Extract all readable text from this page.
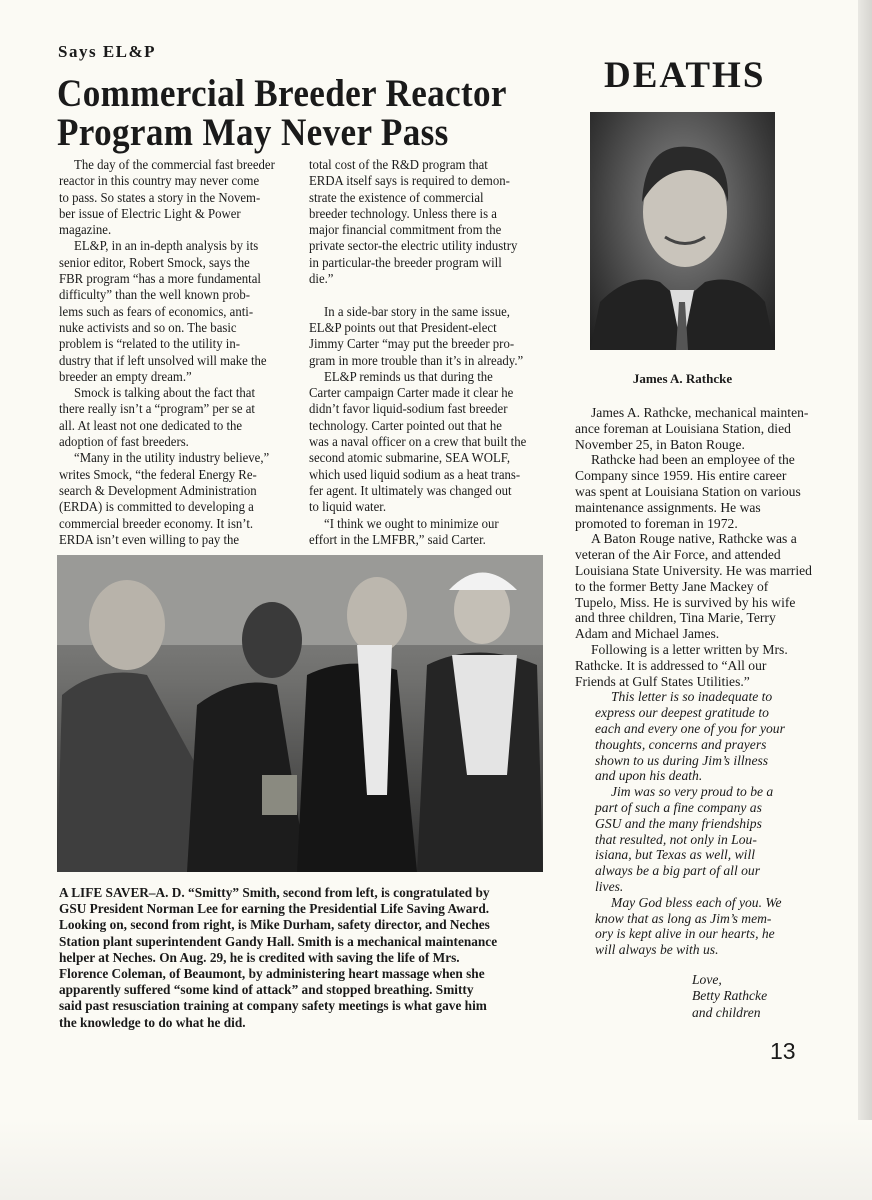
Says EL&P
Commercial Breeder Reactor
Program May Never Pass
The day of the commercial fast breeder
reactor in this country may never come
to pass. So states a story in the Novem-
ber issue of Electric Light & Power
magazine.
EL&P, in an in-depth analysis by its
senior editor, Robert Smock, says the
FBR program “has a more fundamental
difficulty” than the well known prob-
lems such as fears of economics, anti-
nuke activists and so on. The basic
problem is “related to the utility in-
dustry that if left unsolved will make the
breeder an empty dream.”
Smock is talking about the fact that
there really isn’t a “program” per se at
all. At least not one dedicated to the
adoption of fast breeders.
“Many in the utility industry believe,”
writes Smock, “the federal Energy Re-
search & Development Administration
(ERDA) is committed to developing a
commercial breeder economy. It isn’t.
ERDA isn’t even willing to pay the
total cost of the R&D program that
ERDA itself says is required to demon-
strate the existence of commercial
breeder technology. Unless there is a
major financial commitment from the
private sector-the electric utility industry
in particular-the breeder program will
die.”
In a side-bar story in the same issue,
EL&P points out that President-elect
Jimmy Carter “may put the breeder pro-
gram in more trouble than it’s in already.”
EL&P reminds us that during the
Carter campaign Carter made it clear he
didn’t favor liquid-sodium fast breeder
technology. Carter pointed out that he
was a naval officer on a crew that built the
second atomic submarine, SEA WOLF,
which used liquid sodium as a heat trans-
fer agent. It ultimately was changed out
to liquid water.
“I think we ought to minimize our
effort in the LMFBR,” said Carter.
DEATHS
James A. Rathcke
James A. Rathcke, mechanical mainten-
ance foreman at Louisiana Station, died
November 25, in Baton Rouge.
Rathcke had been an employee of the
Company since 1959. His entire career
was spent at Louisiana Station on various
maintenance assignments. He was
promoted to foreman in 1972.
A Baton Rouge native, Rathcke was a
veteran of the Air Force, and attended
Louisiana State University. He was married
to the former Betty Jane Mackey of
Tupelo, Miss. He is survived by his wife
and three children, Tina Marie, Terry
Adam and Michael James.
Following is a letter written by Mrs.
Rathcke. It is addressed to “All our
Friends at Gulf States Utilities.”
This letter is so inadequate to
express our deepest gratitude to
each and every one of you for your
thoughts, concerns and prayers
shown to us during Jim’s illness
and upon his death.
Jim was so very proud to be a
part of such a fine company as
GSU and the many friendships
that resulted, not only in Lou-
isiana, but Texas as well, will
always be a big part of all our
lives.
May God bless each of you. We
know that as long as Jim’s mem-
ory is kept alive in our hearts, he
will always be with us.
Love,
Betty Rathcke
and children
A LIFE SAVER–A. D. “Smitty” Smith, second from left, is congratulated by
GSU President Norman Lee for earning the Presidential Life Saving Award.
Looking on, second from right, is Mike Durham, safety director, and Neches
Station plant superintendent Gandy Hall. Smith is a mechanical maintenance
helper at Neches. On Aug. 29, he is credited with saving the life of Mrs.
Florence Coleman, of Beaumont, by administering heart massage when she
apparently suffered “some kind of attack” and stopped breathing. Smitty
said past resusciation training at company safety meetings is what gave him
the knowledge to do what he did.
13
